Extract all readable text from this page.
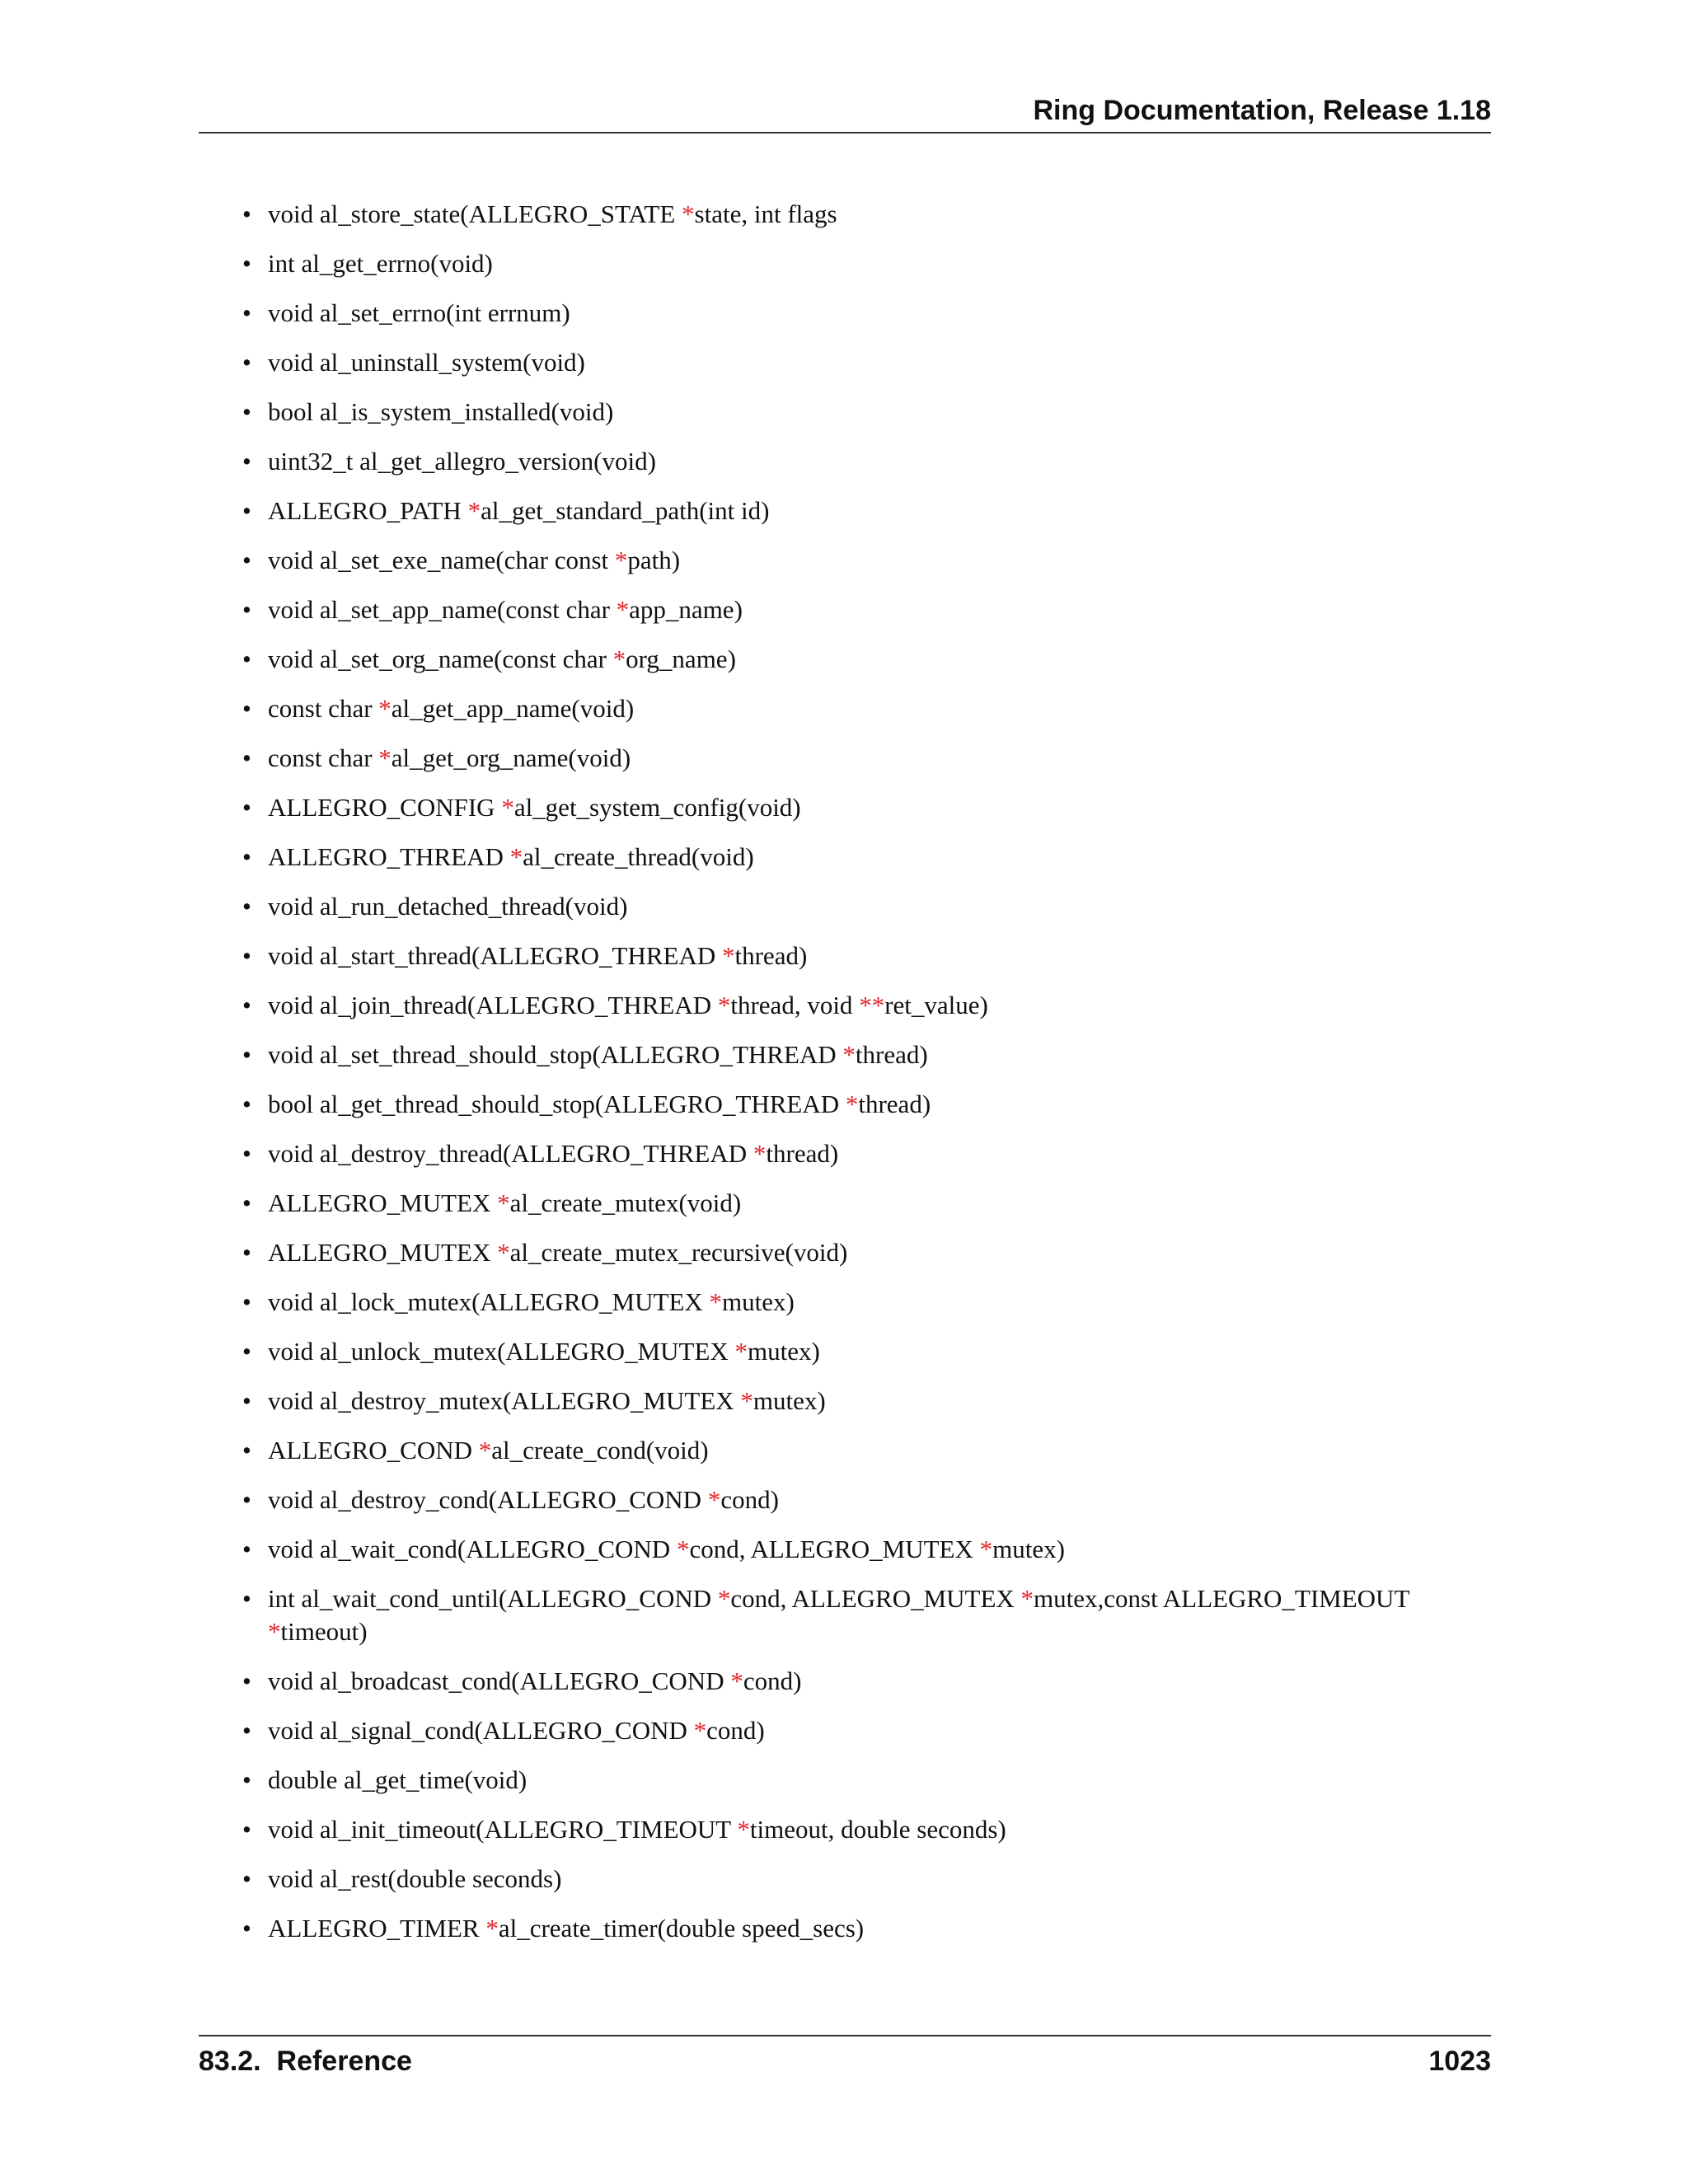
Ring Documentation, Release 1.18
• void al_store_state(ALLEGRO_STATE *state, int flags
• int al_get_errno(void)
• void al_set_errno(int errnum)
• void al_uninstall_system(void)
• bool al_is_system_installed(void)
• uint32_t al_get_allegro_version(void)
• ALLEGRO_PATH *al_get_standard_path(int id)
• void al_set_exe_name(char const *path)
• void al_set_app_name(const char *app_name)
• void al_set_org_name(const char *org_name)
• const char *al_get_app_name(void)
• const char *al_get_org_name(void)
• ALLEGRO_CONFIG *al_get_system_config(void)
• ALLEGRO_THREAD *al_create_thread(void)
• void al_run_detached_thread(void)
• void al_start_thread(ALLEGRO_THREAD *thread)
• void al_join_thread(ALLEGRO_THREAD *thread, void **ret_value)
• void al_set_thread_should_stop(ALLEGRO_THREAD *thread)
• bool al_get_thread_should_stop(ALLEGRO_THREAD *thread)
• void al_destroy_thread(ALLEGRO_THREAD *thread)
• ALLEGRO_MUTEX *al_create_mutex(void)
• ALLEGRO_MUTEX *al_create_mutex_recursive(void)
• void al_lock_mutex(ALLEGRO_MUTEX *mutex)
• void al_unlock_mutex(ALLEGRO_MUTEX *mutex)
• void al_destroy_mutex(ALLEGRO_MUTEX *mutex)
• ALLEGRO_COND *al_create_cond(void)
• void al_destroy_cond(ALLEGRO_COND *cond)
• void al_wait_cond(ALLEGRO_COND *cond, ALLEGRO_MUTEX *mutex)
• int al_wait_cond_until(ALLEGRO_COND *cond, ALLEGRO_MUTEX *mutex,const ALLEGRO_TIMEOUT *timeout)
• void al_broadcast_cond(ALLEGRO_COND *cond)
• void al_signal_cond(ALLEGRO_COND *cond)
• double al_get_time(void)
• void al_init_timeout(ALLEGRO_TIMEOUT *timeout, double seconds)
• void al_rest(double seconds)
• ALLEGRO_TIMER *al_create_timer(double speed_secs)
83.2.  Reference	1023
